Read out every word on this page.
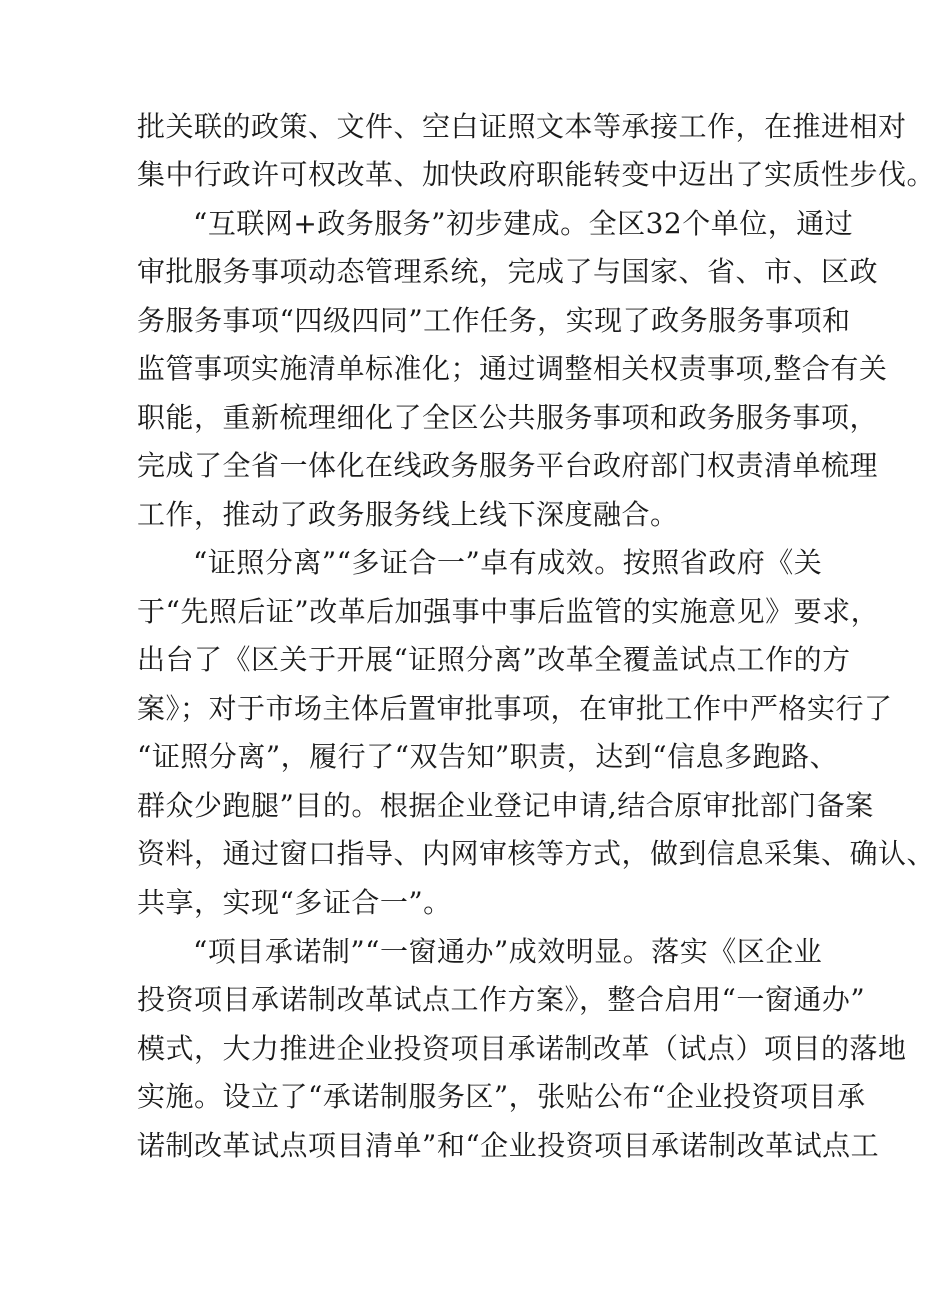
批关联的政策、文件、空白证照文本等承接工作，在推进相对
集中行政许可权改革、加快政府职能转变中迈出了实质性步伐。
“互联网+政务服务”初步建成。全区32个单位，通过
审批服务事项动态管理系统，完成了与国家、省、市、区政
务服务事项“四级四同”工作任务，实现了政务服务事项和
监管事项实施清单标准化；通过调整相关权责事项,整合有关
职能，重新梳理细化了全区公共服务事项和政务服务事项，
完成了全省一体化在线政务服务平台政府部门权责清单梳理
工作，推动了政务服务线上线下深度融合。
“证照分离”“多证合一”卓有成效。按照省政府《关
于“先照后证”改革后加强事中事后监管的实施意见》要求，
出台了《区关于开展“证照分离”改革全覆盖试点工作的方
案》；对于市场主体后置审批事项，在审批工作中严格实行了
“证照分离”，履行了“双告知”职责，达到“信息多跑路、
群众少跑腿”目的。根据企业登记申请,结合原审批部门备案
资料，通过窗口指导、内网审核等方式，做到信息采集、确认、
共享，实现“多证合一”。
“项目承诺制”“一窗通办”成效明显。落实《区企业
投资项目承诺制改革试点工作方案》，整合启用“一窗通办”
模式，大力推进企业投资项目承诺制改革（试点）项目的落地
实施。设立了“承诺制服务区”，张贴公布“企业投资项目承
诺制改革试点项目清单”和“企业投资项目承诺制改革试点工
